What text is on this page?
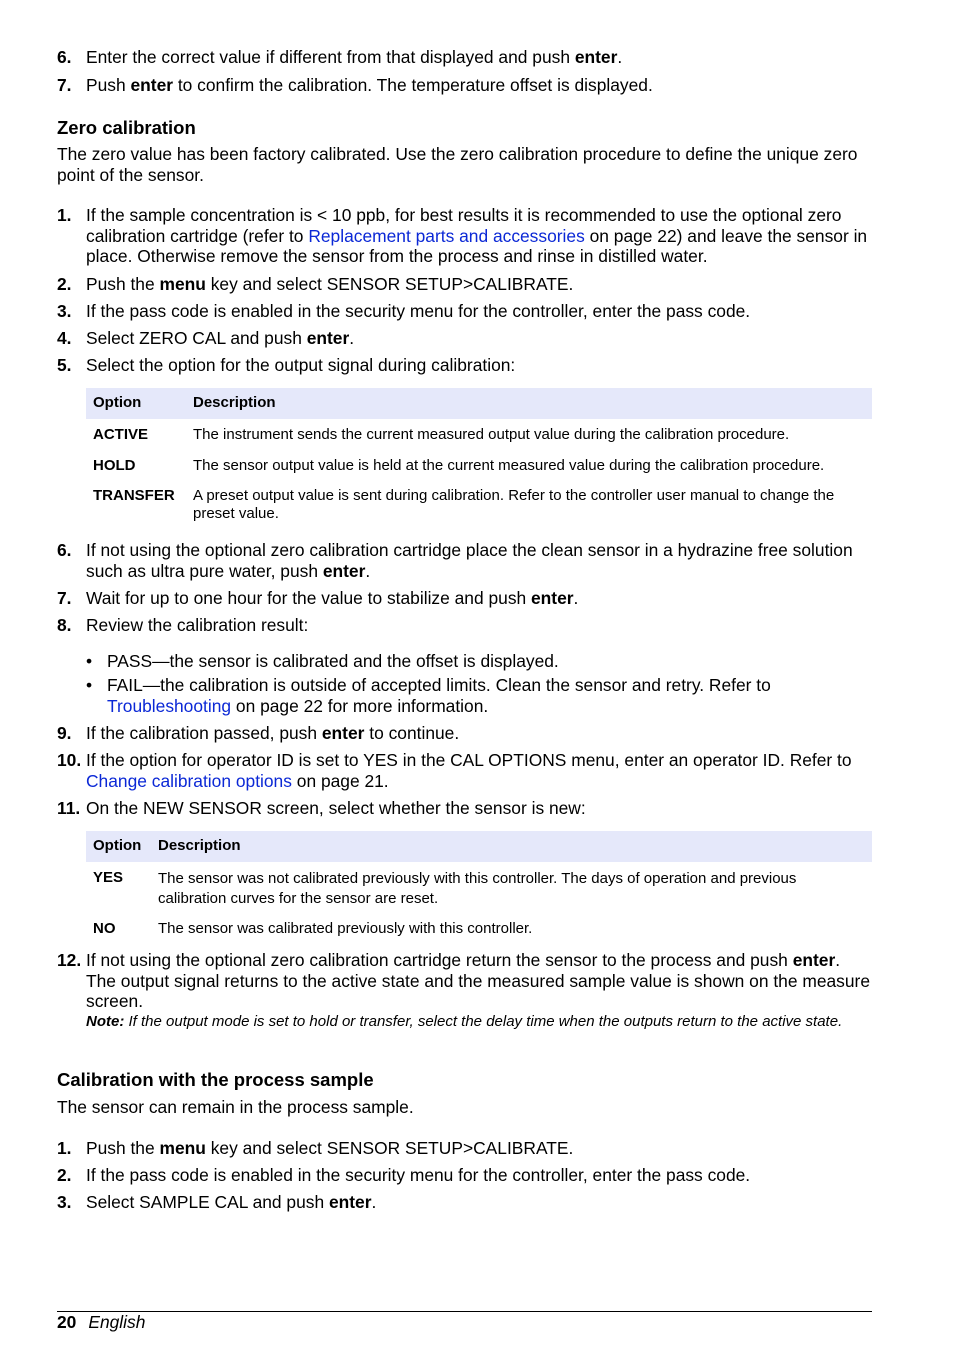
6. Enter the correct value if different from that displayed and push enter.
7. Push enter to confirm the calibration. The temperature offset is displayed.
Zero calibration

The zero value has been factory calibrated. Use the zero calibration procedure to define the unique zero point of the sensor.

1. If the sample concentration is < 10 ppb, for best results it is recommended to use the optional zero calibration cartridge (refer to Replacement parts and accessories on page 22) and leave the sensor in place. Otherwise remove the sensor from the process and rinse in distilled water.
2. Push the menu key and select SENSOR SETUP>CALIBRATE.
3. If the pass code is enabled in the security menu for the controller, enter the pass code.
4. Select ZERO CAL and push enter.
5. Select the option for the output signal during calibration:
Option	Description
ACTIVE	The instrument sends the current measured output value during the calibration procedure.
HOLD	The sensor output value is held at the current measured value during the calibration procedure.
TRANSFER	A preset output value is sent during calibration. Refer to the controller user manual to change the preset value.
6. If not using the optional zero calibration cartridge place the clean sensor in a hydrazine free solution such as ultra pure water, push enter.
7. Wait for up to one hour for the value to stabilize and push enter.
8. Review the calibration result:
• PASS—the sensor is calibrated and the offset is displayed.
• FAIL—the calibration is outside of accepted limits. Clean the sensor and retry. Refer to Troubleshooting on page 22 for more information.
9. If the calibration passed, push enter to continue.
10. If the option for operator ID is set to YES in the CAL OPTIONS menu, enter an operator ID. Refer to Change calibration options on page 21.
11. On the NEW SENSOR screen, select whether the sensor is new:
Option	Description
YES	The sensor was not calibrated previously with this controller. The days of operation and previous calibration curves for the sensor are reset.
NO	The sensor was calibrated previously with this controller.
12. If not using the optional zero calibration cartridge return the sensor to the process and push enter. The output signal returns to the active state and the measured sample value is shown on the measure screen.
Note: If the output mode is set to hold or transfer, select the delay time when the outputs return to the active state.
Calibration with the process sample

The sensor can remain in the process sample.

1. Push the menu key and select SENSOR SETUP>CALIBRATE.
2. If the pass code is enabled in the security menu for the controller, enter the pass code.
3. Select SAMPLE CAL and push enter.
20 English
